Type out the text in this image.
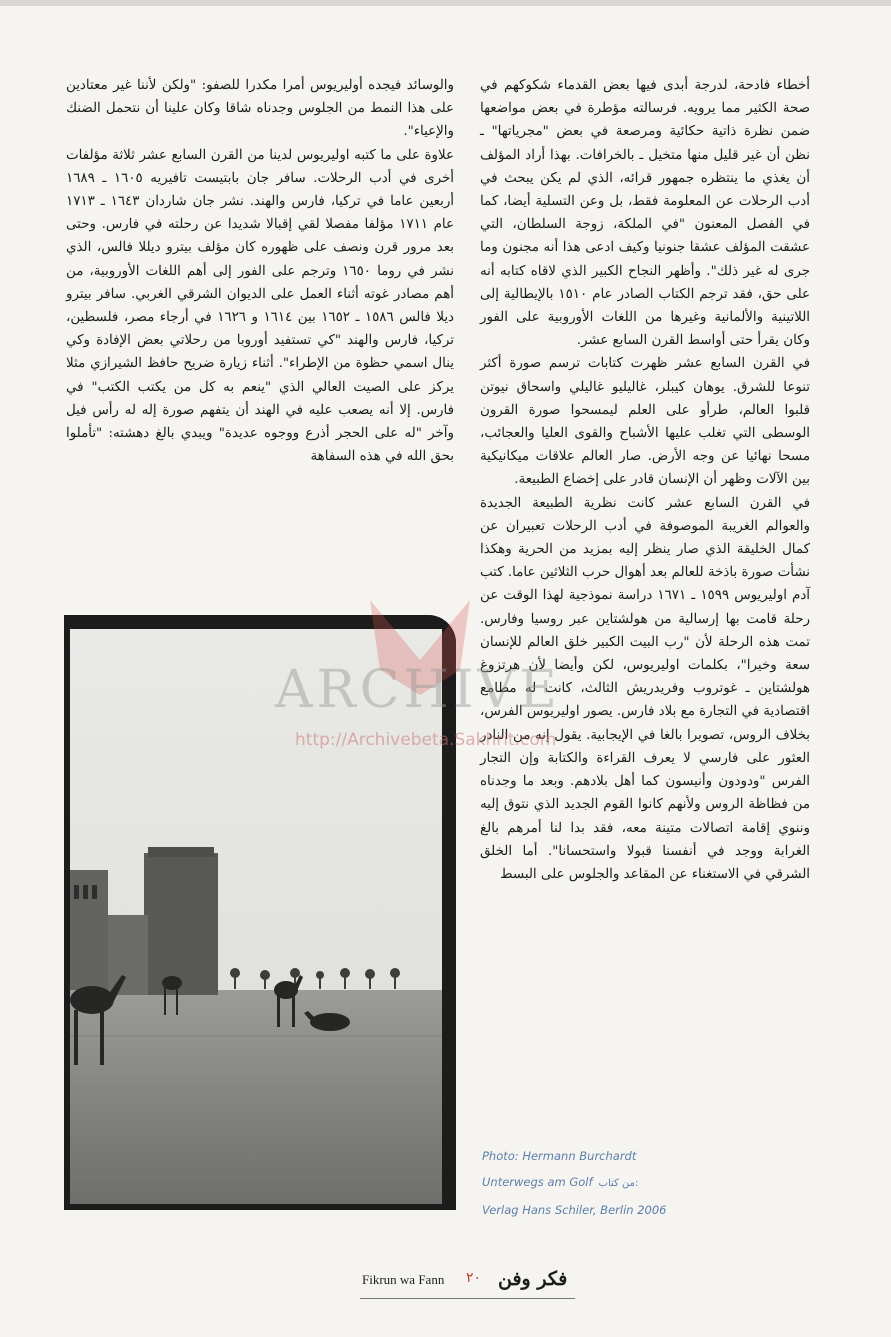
أخطاء فادحة، لدرجة أبدى فيها بعض القدماء شكوكهم في صحة الكثير مما يرويه. فرسالته مؤطرة في بعض مواضعها ضمن نظرة ذاتية حكائية ومرصعة في بعض "مجرياتها" ـ نظن أن غير قليل منها متخيل ـ بالخرافات. بهذا أراد المؤلف أن يغذي ما ينتظره جمهور قرائه، الذي لم يكن يبحث في أدب الرحلات عن المعلومة فقط، بل وعن التسلية أيضا، كما في الفصل المعنون "في الملكة، زوجة السلطان، التي عشقت المؤلف عشقا جنونيا وكيف ادعى هذا أنه مجنون وما جرى له غير ذلك". وأظهر النجاح الكبير الذي لاقاه كتابه أنه على حق، فقد ترجم الكتاب الصادر عام ١٥١٠ بالإيطالية إلى اللاتينية والألمانية وغيرها من اللغات الأوروبية على الفور وكان يقرأ حتى أواسط القرن السابع عشر.

في القرن السابع عشر ظهرت كتابات ترسم صورة أكثر تنوعا للشرق. يوهان كيبلر، غاليليو غاليلي واسحاق نيوتن قلبوا العالم، طرأو على العلم ليمسحوا صورة القرون الوسطى التي تغلب عليها الأشباح والقوى العليا والعجائب، مسحا نهائيا عن وجه الأرض. صار العالم علاقات ميكانيكية بين الآلات وظهر أن الإنسان قادر على إخضاع الطبيعة.

في القرن السابع عشر كانت نظرية الطبيعة الجديدة والعوالم الغريبة الموصوفة في أدب الرحلات تعبيران عن كمال الخليقة الذي صار ينظر إليه بمزيد من الحرية وهكذا نشأت صورة باذخة للعالم بعد أهوال حرب الثلاثين عاما. كتب آدم اوليريوس ١٥٩٩ ـ ١٦٧١ دراسة نموذجية لهذا الوقت عن رحلة قامت بها إرسالية من هولشتاين عبر روسيا وفارس. تمت هذه الرحلة لأن "رب البيت الكبير خلق العالم للإنسان سعة وخيرا"، بكلمات اوليريوس، لكن وأيضا لأن هرتزوغ هولشتاين ـ غوتروب وفريدريش الثالث، كانت له مطامع اقتصادية في التجارة مع بلاد فارس. يصور اوليريوس الفرس، بخلاف الروس، تصويرا بالغا في الإيجابية. يقول إنه من النادر العثور على فارسي لا يعرف القراءة والكتابة وإن التجار الفرس "ودودون وأنيسون كما أهل بلادهم. وبعد ما وجدناه من فظاظة الروس ولأنهم كانوا القوم الجديد الذي نتوق إليه وننوي إقامة اتصالات متينة معه، فقد بدا لنا أمرهم بالغ الغرابة ووجد في أنفسنا قبولا واستحسانا". أما الخلق الشرقي في الاستغناء عن المقاعد والجلوس على البسط

والوسائد فيجده أوليريوس أمرا مكدرا للصفو: "ولكن لأننا غير معتادين على هذا النمط من الجلوس وجدناه شاقا وكان علينا أن نتحمل الضنك والإعياء".

علاوة على ما كتبه اوليريوس لدينا من القرن السابع عشر ثلاثة مؤلفات أخرى في أدب الرحلات. سافر جان بابتيست تافيريه ١٦٠٥ ـ ١٦٨٩ أربعين عاما في تركيا، فارس والهند. نشر جان شاردان ١٦٤٣ ـ ١٧١٣ عام ١٧١١ مؤلفا مفصلا لقي إقبالا شديدا عن رحلته في فارس. وحتى بعد مرور قرن ونصف على ظهوره كان مؤلف بيترو ديللا فالس، الذي نشر في روما ١٦٥٠ وترجم على الفور إلى أهم اللغات الأوروبية، من أهم مصادر غوته أثناء العمل على الديوان الشرقي الغربي. سافر بيترو ديلا فالس ١٥٨٦ ـ ١٦٥٢ بين ١٦١٤ و ١٦٢٦ في أرجاء مصر، فلسطين، تركيا، فارس والهند "كي تستفيد أوروبا من رحلاتي بعض الإفادة وكي ينال اسمي حظوة من الإطراء". أثناء زيارة ضريح حافظ الشيرازي مثلا يركز على الصيت العالي الذي "ينعم به كل من يكتب الكتب" في فارس. إلا أنه يصعب عليه في الهند أن يتفهم صورة إله له رأس فيل وآخر "له على الحجر أذرع ووجوه عديدة" ويبدي بالغ دهشته: "تأملوا بحق الله في هذه السفاهة

ARCHIVE
http://Archivebeta.Sakhrit.com
Photo: Hermann Burchardt
Unterwegs am Golf من كتاب:
Verlag Hans Schiler, Berlin 2006
Fikrun wa Fann ٢٠ فكر وفن
